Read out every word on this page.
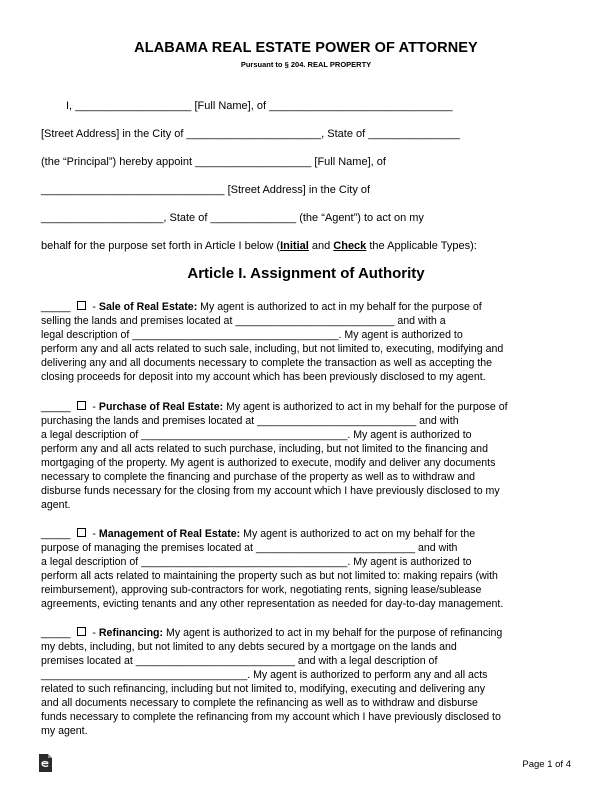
ALABAMA REAL ESTATE POWER OF ATTORNEY
Pursuant to § 204. REAL PROPERTY
I, ___________________ [Full Name], of ______________________________
[Street Address] in the City of ______________________, State of _______________
(the “Principal”) hereby appoint ___________________ [Full Name], of
______________________________ [Street Address] in the City of
____________________, State of ______________ (the “Agent”) to act on my
behalf for the purpose set forth in Article I below (Initial and Check the Applicable Types):
Article I. Assignment of Authority
_____ - Sale of Real Estate: My agent is authorized to act in my behalf for the purpose of
selling the lands and premises located at ___________________________ and with a
legal description of ___________________________________. My agent is authorized to
perform any and all acts related to such sale, including, but not limited to, executing, modifying and
delivering any and all documents necessary to complete the transaction as well as accepting the
closing proceeds for deposit into my account which has been previously disclosed to my agent.
_____ - Purchase of Real Estate: My agent is authorized to act in my behalf for the purpose of
purchasing the lands and premises located at ___________________________ and with
a legal description of ___________________________________. My agent is authorized to
perform any and all acts related to such purchase, including, but not limited to the financing and
mortgaging of the property. My agent is authorized to execute, modify and deliver any documents
necessary to complete the financing and purchase of the property as well as to withdraw and
disburse funds necessary for the closing from my account which I have previously disclosed to my
agent.
_____ - Management of Real Estate: My agent is authorized to act on my behalf for the
purpose of managing the premises located at ___________________________ and with
a legal description of ___________________________________. My agent is authorized to
perform all acts related to maintaining the property such as but not limited to: making repairs (with
reimbursement), approving sub-contractors for work, negotiating rents, signing lease/sublease
agreements, evicting tenants and any other representation as needed for day-to-day management.
_____ - Refinancing: My agent is authorized to act in my behalf for the purpose of refinancing
my debts, including, but not limited to any debts secured by a mortgage on the lands and
premises located at ___________________________ and with a legal description of
___________________________________. My agent is authorized to perform any and all acts
related to such refinancing, including but not limited to, modifying, executing and delivering any
and all documents necessary to complete the refinancing as well as to withdraw and disburse
funds necessary to complete the refinancing from my account which I have previously disclosed to
my agent.
Page 1 of 4
